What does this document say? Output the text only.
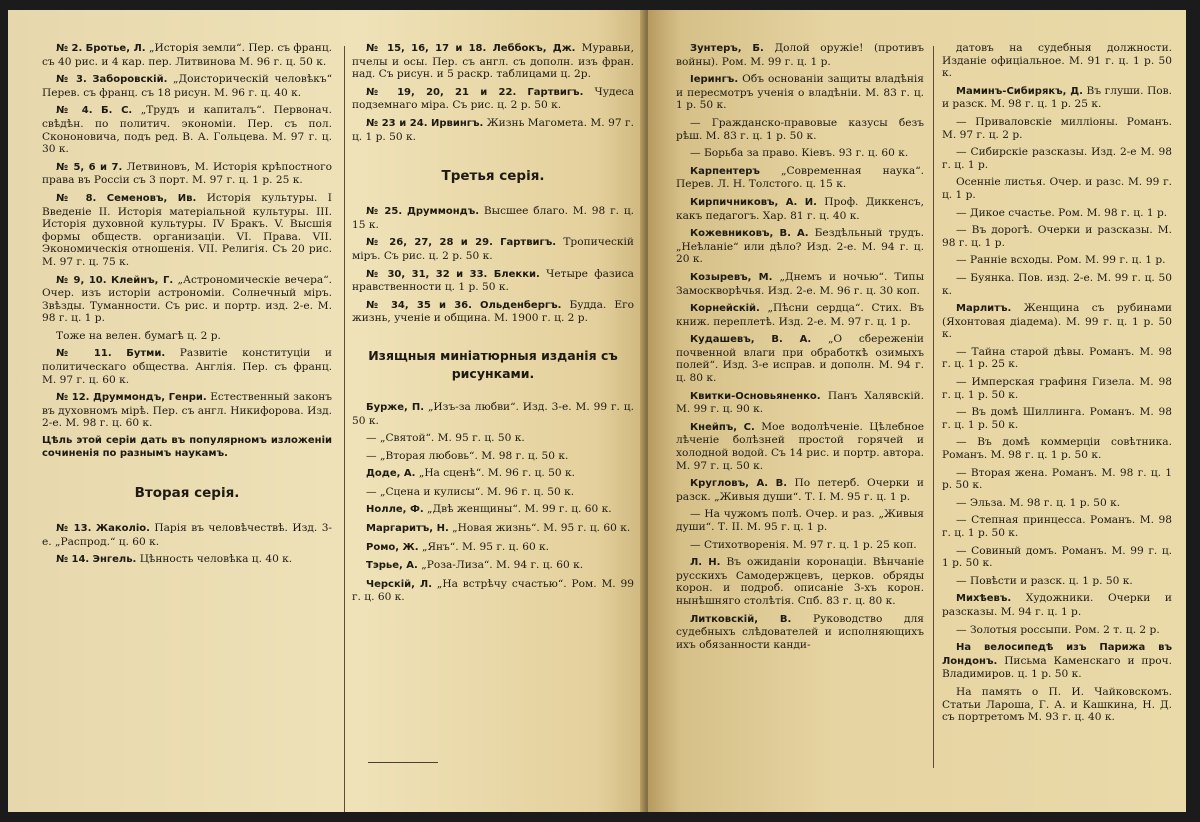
№ 2. Бротье, Л. „Исторія земли“. Пер. съ франц. съ 40 рис. и 4 кар. пер. Литвинова М. 96 г. ц. 50 к.

№ 3. Заборовскій. „Доисторическій человѣкъ“ Перев. съ франц. съ 18 рисун. М. 96 г. ц. 40 к.

№ 4. Б. С. „Трудъ и капиталъ“. Первонач. свѣдѣн. по политич. экономіи. Пер. съ пол. Скононовича, подъ ред. В. А. Гольцева. М. 97 г. ц. 30 к.

№ 5, 6 и 7. Летвиновъ, М. Исторія крѣпостного права въ Россіи съ 3 порт. М. 97 г. ц. 1 р. 25 к.

№ 8. Семеновъ, Ив. Исторія культуры. I Введеніе II. Исторія матеріальной культуры. III. Исторія духовной культуры. IV Бракъ. V. Высшія формы обществ. организаціи. VI. Права. VII. Экономическія отношенія. VII. Религія. Съ 20 рис. М. 97 г. ц. 75 к.

№ 9, 10. Клейнъ, Г. „Астрономическіе вечера“. Очер. изъ исторіи астрономіи. Солнечный міръ. Звѣзды. Туманности. Съ рис. и портр. изд. 2-е. М. 98 г. ц. 1 р.

Тоже на велен. бумагѣ ц. 2 р.

№ 11. Бутми. Развитіе конституціи и политическаго общества. Англія. Пер. съ франц. М. 97 г. ц. 60 к.

№ 12. Друммондъ, Генри. Естественный законъ въ духовномъ мірѣ. Пер. съ англ. Никифорова. Изд. 2-е. М. 98 г. ц. 60 к.

Цѣль этой серіи дать въ популярномъ изложеніи сочиненія по разнымъ наукамъ.

Вторая серія.

№ 13. Жаколіо. Парія въ человѣчествѣ. Изд. 3-е. „Распрод.“ ц. 60 к.

№ 14. Энгель. Цѣнность человѣка ц. 40 к.

№ 15, 16, 17 и 18. Леббокъ, Дж. Муравьи, пчелы и осы. Пер. съ англ. съ дополн. изъ фран. над. Съ рисун. и 5 раскр. таблицами ц. 2р.

№ 19, 20, 21 и 22. Гартвигъ. Чудеса подземнаго міра. Съ рис. ц. 2 р. 50 к.

№ 23 и 24. Ирвингъ. Жизнь Магомета. М. 97 г. ц. 1 р. 50 к.

Третья серія.

№ 25. Друммондъ. Высшее благо. М. 98 г. ц. 15 к.

№ 26, 27, 28 и 29. Гартвигъ. Тропическій міръ. Съ рис. ц. 2 р. 50 к.

№ 30, 31, 32 и 33. Блекки. Четыре фазиса нравственности ц. 1 р. 50 к.

№ 34, 35 и 36. Ольденбергъ. Будда. Его жизнь, ученіе и община. М. 1900 г. ц. 2 р.

Изящныя миніатюрныя изданія съ рисунками.

Бурже, П. „Изъ-за любви“. Изд. 3-е. М. 99 г. ц. 50 к.

— „Святой“. М. 95 г. ц. 50 к.

— „Вторая любовь“. М. 98 г. ц. 50 к.

Доде, А. „На сценѣ“. М. 96 г. ц. 50 к.

— „Сцена и кулисы“. М. 96 г. ц. 50 к.

Нолле, Ф. „Двѣ женщины“. М. 99 г. ц. 60 к.

Маргаритъ, Н. „Новая жизнь“. М. 95 г. ц. 60 к.

Ромо, Ж. „Янъ“. М. 95 г. ц. 60 к.

Тэрье, А. „Роза-Лиза“. М. 94 г. ц. 60 к.

Черскій, Л. „На встрѣчу счастью“. Ром. М. 99 г. ц. 60 к.

Зунтеръ, Б. Долой оружіе! (противъ войны). Ром. М. 99 г. ц. 1 р.

Іерингъ. Объ основаніи защиты владѣнія и пересмотръ ученія о владѣніи. М. 83 г. ц. 1 р. 50 к.

— Гражданско-правовые казусы безъ рѣш. М. 83 г. ц. 1 р. 50 к.

— Борьба за право. Кіевъ. 93 г. ц. 60 к.

Карпентеръ „Современная наука“. Перев. Л. Н. Толстого. ц. 15 к.

Кирпичниковъ, А. И. Проф. Диккенсъ, какъ педагогъ. Хар. 81 г. ц. 40 к.

Кожевниковъ, В. А. Бездѣльный трудъ. „Неѣланіе“ или дѣло? Изд. 2-е. М. 94 г. ц. 20 к.

Козыревъ, М. „Днемъ и ночью“. Типы Замоскворѣчья. Изд. 2-е. М. 96 г. ц. 30 коп.

Корнейскій. „Пѣсни сердца“. Стих. Въ книж. переплетѣ. Изд. 2-е. М. 97 г. ц. 1 р.

Кудашевъ, В. А. „О сбереженіи почвенной влаги при обработкѣ озимыхъ полей“. Изд. 3-е исправ. и дополн. М. 94 г. ц. 80 к.

Квитки-Основьяненко. Панъ Халявскій. М. 99 г. ц. 90 к.

Кнейпъ, С. Мое водолѣченіе. Цѣлебное лѣченіе болѣзней простой горячей и холодной водой. Съ 14 рис. и портр. автора. М. 97 г. ц. 50 к.

Кругловъ, А. В. По петерб. Очерки и разск. „Живыя души“. Т. I. М. 95 г. ц. 1 р.

— На чужомъ полѣ. Очер. и раз. „Живыя души“. Т. II. М. 95 г. ц. 1 р.

— Стихотворенія. М. 97 г. ц. 1 р. 25 коп.

Л. Н. Въ ожиданіи коронаціи. Вѣнчаніе русскихъ Самодержцевъ, церков. обряды корон. и подроб. описаніе 3-хъ корон. нынѣшняго столѣтія. Спб. 83 г. ц. 80 к.

Литковскій, В. Руководство для судебныхъ слѣдователей и исполняющихъ ихъ обязанности канди-

датовъ на судебныя должности. Изданіе офиціальное. М. 91 г. ц. 1 р. 50 к.

Маминъ-Сибирякъ, Д. Въ глуши. Пов. и разск. М. 98 г. ц. 1 р. 25 к.

— Приваловскіе милліоны. Романъ. М. 97 г. ц. 2 р.

— Сибирскіе разсказы. Изд. 2-е М. 98 г. ц. 1 р.

Осенніе листья. Очер. и разс. М. 99 г. ц. 1 р.

— Дикое счастье. Ром. М. 98 г. ц. 1 р.

— Въ дорогѣ. Очерки и разсказы. М. 98 г. ц. 1 р.

— Раннiе всходы. Ром. М. 99 г. ц. 1 р.

— Буянка. Пов. изд. 2-е. М. 99 г. ц. 50 к.

Марлитъ. Женщина съ рубинами (Яхонтовая діадема). М. 99 г. ц. 1 р. 50 к.

— Тайна старой дѣвы. Романъ. М. 98 г. ц. 1 р. 25 к.

— Имперская графиня Гизела. М. 98 г. ц. 1 р. 50 к.

— Въ домѣ Шиллинга. Романъ. М. 98 г. ц. 1 р. 50 к.

— Въ домѣ коммерціи совѣтника. Романъ. М. 98 г. ц. 1 р. 50 к.

— Вторая жена. Романъ. М. 98 г. ц. 1 р. 50 к.

— Эльза. М. 98 г. ц. 1 р. 50 к.

— Степная принцесса. Романъ. М. 98 г. ц. 1 р. 50 к.

— Совиный домъ. Романъ. М. 99 г. ц. 1 р. 50 к.

— Повѣсти и разск. ц. 1 р. 50 к.

Михѣевъ. Художники. Очерки и разсказы. М. 94 г. ц. 1 р.

— Золотыя россыпи. Ром. 2 т. ц. 2 р.

На велосипедѣ изъ Парижа въ Лондонъ. Письма Каменскаго и проч. Владимиров. ц. 1 р. 50 к.

На память о П. И. Чайковскомъ. Статьи Лароша, Г. А. и Кашкина, Н. Д. съ портретомъ М. 93 г. ц. 40 к.
